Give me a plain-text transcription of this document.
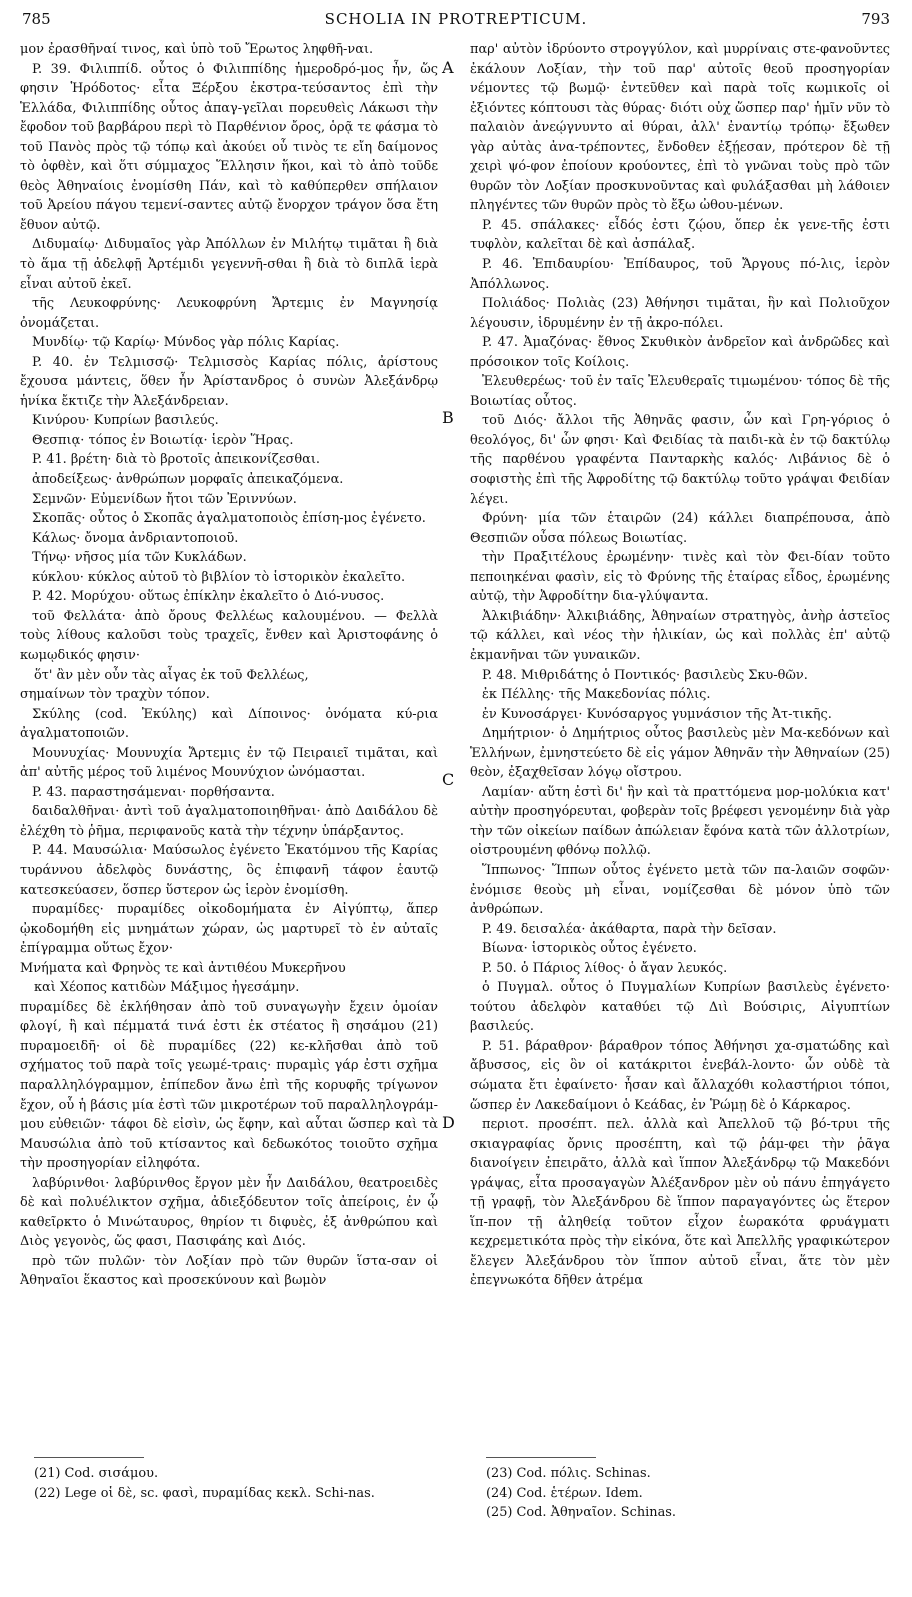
785	SCHOLIA IN PROTREPTICUM.	793
A
B
C
D

μον ἐρασθῆναί τινος, καὶ ὑπὸ τοῦ Ἔρωτος ληφθῆ-ναι.

P. 39. Φιλιππίδ. οὗτος ὁ Φιλιππίδης ἡμεροδρό-μος ἦν, ὥς φησιν Ἡρόδοτος· εἶτα Ξέρξου ἐκστρα-τεύσαντος ἐπὶ τὴν Ἑλλάδα, Φιλιππίδης οὗτος ἀπαγ-γεῖλαι πορευθεὶς Λάκωσι τὴν ἔφοδον τοῦ βαρβάρου περὶ τὸ Παρθένιον ὄρος, ὁρᾷ τε φάσμα τὸ τοῦ Πανὸς πρὸς τῷ τόπῳ καὶ ἀκούει οὗ τινὸς τε εἴη δαίμονος τὸ ὀφθὲν, καὶ ὅτι σύμμαχος Ἕλλησιν ἥκοι, καὶ τὸ ἀπὸ τοῦδε θεὸς Ἀθηναίοις ἐνομίσθη Πάν, καὶ τὸ καθύπερθεν σπήλαιον τοῦ Ἀρείου πάγου τεμενί-σαντες αὐτῷ ἔνορχον τράγον ὅσα ἔτη ἔθυον αὐτῷ.

Διδυμαίῳ· Διδυμαῖος γὰρ Ἀπόλλων ἐν Μιλήτῳ τιμᾶται ἢ διὰ τὸ ἅμα τῇ ἀδελφῇ Ἀρτέμιδι γεγεννῆ-σθαι ἢ διὰ τὸ διπλᾶ ἱερὰ εἶναι αὐτοῦ ἐκεῖ.

τῆς Λευκοφρύνης· Λευκοφρύνη Ἄρτεμις ἐν Μαγνησίᾳ ὀνομάζεται.

Μυνδίῳ· τῷ Καρίῳ· Μύνδος γὰρ πόλις Καρίας.

P. 40. ἐν Τελμισσῷ· Τελμισσὸς Καρίας πόλις, ἀρίστους ἔχουσα μάντεις, ὅθεν ἦν Ἀρίστανδρος ὁ συνὼν Ἀλεξάνδρῳ ἡνίκα ἔκτιζε τὴν Ἀλεξάνδρειαν.

Κινύρου· Κυπρίων βασιλεύς.

Θεσπιᾳ· τόπος ἐν Βοιωτίᾳ· ἱερὸν Ἥρας.

P. 41. βρέτη· διὰ τὸ βροτοῖς ἀπεικονίζεσθαι.

ἀποδείξεως· ἀνθρώπων μορφαῖς ἀπεικαζόμενα.

Σεμνῶν· Εὐμενίδων ἤτοι τῶν Ἐριννύων.

Σκοπᾶς· οὗτος ὁ Σκοπᾶς ἀγαλματοποιὸς ἐπίση-μος ἐγένετο.

Κάλως· ὄνομα ἀνδριαντοποιοῦ.

Τήνῳ· νῆσος μία τῶν Κυκλάδων.

κύκλου· κύκλος αὐτοῦ τὸ βιβλίον τὸ ἱστορικὸν ἐκαλεῖτο.

P. 42. Μορύχου· οὕτως ἐπίκλην ἐκαλεῖτο ὁ Διό-νυσος.

τοῦ Φελλάτα· ἀπὸ ὄρους Φελλέως καλουμένου. — Φελλὰ τοὺς λίθους καλοῦσι τοὺς τραχεῖς, ἔνθεν καὶ Ἀριστοφάνης ὁ κωμῳδικός φησιν·

ὅτ' ἂν μὲν οὖν τὰς αἶγας ἐκ τοῦ Φελλέως,

σημαίνων τὸν τραχὺν τόπον.

Σκύλης (cod. Ἐκύλης) καὶ Δίποινος· ὀνόματα κύ-ρια ἀγαλματοποιῶν.

Μουνυχίας· Μουνυχία Ἄρτεμις ἐν τῷ Πειραιεῖ τιμᾶται, καὶ ἀπ' αὐτῆς μέρος τοῦ λιμένος Μουνύχιον ὠνόμασται.

P. 43. παραστησάμεναι· πορθήσαντα.

δαιδαλθῆναι· ἀντὶ τοῦ ἀγαλματοποιηθῆναι· ἀπὸ Δαιδάλου δὲ ἐλέχθη τὸ ῥῆμα, περιφανοῦς κατὰ τὴν τέχνην ὑπάρξαντος.

P. 44. Μαυσώλια· Μαύσωλος ἐγένετο Ἑκατόμνου τῆς Καρίας τυράννου ἀδελφὸς δυνάστης, ὃς ἐπιφανῆ τάφον ἑαυτῷ κατεσκεύασεν, ὅσπερ ὕστερον ὡς ἱερὸν ἐνομίσθη.

πυραμίδες· πυραμίδες οἰκοδομήματα ἐν Αἰγύπτῳ, ἅπερ ᾠκοδομήθη εἰς μνημάτων χώραν, ὡς μαρτυρεῖ τὸ ἐν αὐταῖς ἐπίγραμμα οὕτως ἔχον·

Μνήματα καὶ Φρηνὸς τε καὶ ἀντιθέου Μυκερῆνου

καὶ Χέοπος κατιδὼν Μάξιμος ἠγεσάμην.

πυραμίδες δὲ ἐκλήθησαν ἀπὸ τοῦ συναγωγὴν ἔχειν ὁμοίαν φλογί, ἢ καὶ πέμματά τινά ἐστι ἐκ στέατος ἢ σησάμου (21) πυραμοειδῆ· οἱ δὲ πυραμίδες (22) κε-κλῆσθαι ἀπὸ τοῦ σχήματος τοῦ παρὰ τοῖς γεωμέ-τραις· πυραμὶς γάρ ἐστι σχῆμα παραλληλόγραμμον, ἐπίπεδον ἄνω ἐπὶ τῆς κορυφῆς τρίγωνον ἔχον, οὗ ἡ βάσις μία ἐστὶ τῶν μικροτέρων τοῦ παραλληλογράμ-μου εὐθειῶν· τάφοι δὲ εἰσὶν, ὡς ἔφην, καὶ αὗται ὥσπερ καὶ τὰ Μαυσώλια ἀπὸ τοῦ κτίσαντος καὶ δεδωκότος τοιοῦτο σχῆμα τὴν προσηγορίαν εἰληφότα.

λαβύρινθοι· λαβύρινθος ἔργον μὲν ἦν Δαιδάλου, θεατροειδὲς δὲ καὶ πολυέλικτον σχῆμα, ἀδιεξόδευτον τοῖς ἀπείροις, ἐν ᾧ καθεῖρκτο ὁ Μινώταυρος, θηρίον τι διφυὲς, ἐξ ἀνθρώπου καὶ Διὸς γεγονὸς, ὥς φασι, Πασιφάης καὶ Διός.

πρὸ τῶν πυλῶν· τὸν Λοξίαν πρὸ τῶν θυρῶν ἵστα-σαν οἱ Ἀθηναῖοι ἕκαστος καὶ προσεκύνουν καὶ βωμὸν

παρ' αὐτὸν ἱδρύοντο στρογγύλον, καὶ μυρρίναις στε-φανοῦντες ἐκάλουν Λοξίαν, τὴν τοῦ παρ' αὐτοῖς θεοῦ προσηγορίαν νέμοντες τῷ βωμῷ· ἐντεῦθεν καὶ παρὰ τοῖς κωμικοῖς οἱ ἐξιόντες κόπτουσι τὰς θύρας· διότι οὐχ ὥσπερ παρ' ἡμῖν νῦν τὸ παλαιὸν ἀνεῴγνυντο αἱ θύραι, ἀλλ' ἐναντίῳ τρόπῳ· ἔξωθεν γὰρ αὐτὰς ἀνα-τρέποντες, ἔνδοθεν ἐξῄεσαν, πρότερον δὲ τῇ χειρὶ ψό-φον ἐποίουν κρούοντες, ἐπὶ τὸ γνῶναι τοὺς πρὸ τῶν θυρῶν τὸν Λοξίαν προσκυνοῦντας καὶ φυλάξασθαι μὴ λάθοιεν πληγέντες τῶν θυρῶν πρὸς τὸ ἔξω ὠθου-μένων.

P. 45. σπάλακες· εἶδός ἐστι ζῴου, ὅπερ ἐκ γενε-τῆς ἐστι τυφλὸν, καλεῖται δὲ καὶ ἀσπάλαξ.

P. 46. Ἐπιδαυρίου· Ἐπίδαυρος, τοῦ Ἄργους πό-λις, ἱερὸν Ἀπόλλωνος.

Πολιάδος· Πολιὰς (23) Ἀθήνησι τιμᾶται, ἣν καὶ Πολιοῦχον λέγουσιν, ἱδρυμένην ἐν τῇ ἀκρο-πόλει.

P. 47. Ἀμαζόνας· ἔθνος Σκυθικὸν ἀνδρεῖον καὶ ἀνδρῶδες καὶ πρόσοικον τοῖς Κοίλοις.

Ἐλευθερέως· τοῦ ἐν ταῖς Ἐλευθεραῖς τιμωμένου· τόπος δὲ τῆς Βοιωτίας οὗτος.

τοῦ Διός· ἄλλοι τῆς Ἀθηνᾶς φασιν, ὧν καὶ Γρη-γόριος ὁ θεολόγος, δι' ὧν φησι· Καὶ Φειδίας τὰ παιδι-κὰ ἐν τῷ δακτύλῳ τῆς παρθένου γραφέντα Πανταρκὴς καλός· Λιβάνιος δὲ ὁ σοφιστὴς ἐπὶ τῆς Ἀφροδίτης τῷ δακτύλῳ τοῦτο γράψαι Φειδίαν λέγει.

Φρύνη· μία τῶν ἑταιρῶν (24) κάλλει διαπρέπουσα, ἀπὸ Θεσπιῶν οὖσα πόλεως Βοιωτίας.

τὴν Πραξιτέλους ἐρωμένην· τινὲς καὶ τὸν Φει-δίαν τοῦτο πεποιηκέναι φασὶν, εἰς τὸ Φρύνης τῆς ἑταίρας εἶδος, ἐρωμένης αὐτῷ, τὴν Ἀφροδίτην δια-γλύψαντα.

Ἀλκιβιάδην· Ἀλκιβιάδης, Ἀθηναίων στρατηγὸς, ἀνὴρ ἀστεῖος τῷ κάλλει, καὶ νέος τὴν ἡλικίαν, ὡς καὶ πολλὰς ἐπ' αὐτῷ ἐκμανῆναι τῶν γυναικῶν.

P. 48. Μιθριδάτης ὁ Ποντικός· βασιλεὺς Σκυ-θῶν.

ἐκ Πέλλης· τῆς Μακεδονίας πόλις.

ἐν Κυνοσάργει· Κυνόσαργος γυμνάσιον τῆς Ἀτ-τικῆς.

Δημήτριον· ὁ Δημήτριος οὗτος βασιλεὺς μὲν Μα-κεδόνων καὶ Ἑλλήνων, ἐμνηστεύετο δὲ εἰς γάμον Ἀθηνᾶν τὴν Ἀθηναίων (25) θεὸν, ἐξαχθεῖσαν λόγῳ οἴστρου.

Λαμίαν· αὕτη ἐστὶ δι' ἣν καὶ τὰ πραττόμενα μορ-μολύκια κατ' αὐτὴν προσηγόρευται, φοβερὰν τοῖς βρέφεσι γενομένην διὰ γὰρ τὴν τῶν οἰκείων παίδων ἀπώλειαν ἔφόνα κατὰ τῶν ἀλλοτρίων, οἰστρουμένη φθόνῳ πολλῷ.

Ἵππωνος· Ἵππων οὗτος ἐγένετο μετὰ τῶν πα-λαιῶν σοφῶν· ἐνόμισε θεοὺς μὴ εἶναι, νομίζεσθαι δὲ μόνον ὑπὸ τῶν ἀνθρώπων.

P. 49. δεισαλέα· ἀκάθαρτα, παρὰ τὴν δεῖσαν.

Βίωνα· ἱστορικὸς οὗτος ἐγένετο.

P. 50. ὁ Πάριος λίθος· ὁ ἄγαν λευκός.

ὁ Πυγμαλ. οὗτος ὁ Πυγμαλίων Κυπρίων βασιλεὺς ἐγένετο· τούτου ἀδελφὸν καταθύει τῷ Διὶ Βούσιρις, Αἰγυπτίων βασιλεύς.

P. 51. βάραθρον· βάραθρον τόπος Ἀθήνησι χα-σματώδης καὶ ἄβυσσος, εἰς ὃν οἱ κατάκριτοι ἐνεβάλ-λοντο· ὧν οὐδὲ τὰ σώματα ἔτι ἐφαίνετο· ἦσαν καὶ ἄλλαχόθι κολαστήριοι τόποι, ὥσπερ ἐν Λακεδαίμονι ὁ Κεάδας, ἐν Ῥώμῃ δὲ ὁ Κάρκαρος.

περιοτ. προσέπτ. πελ. ἀλλὰ καὶ Ἀπελλοῦ τῷ βό-τρυι τῆς σκιαγραφίας ὄρνις προσέπτη, καὶ τῷ ῥάμ-φει τὴν ῥᾶγα διανοίγειν ἐπειρᾶτο, ἀλλὰ καὶ ἵππον Ἀλεξάνδρῳ τῷ Μακεδόνι γράψας, εἶτα προσαγαγὼν Ἀλέξανδρον μὲν οὐ πάνυ ἐπηγάγετο τῇ γραφῇ, τὸν Ἀλεξάνδρου δὲ ἵππον παραγαγόντες ὡς ἕτερον ἵπ-πον τῇ ἀληθείᾳ τοῦτον εἶχον ἑωρακότα φρυάγματι κεχρεμετικότα πρὸς τὴν εἰκόνα, ὅτε καὶ Ἀπελλῆς γραφικώτερον ἔλεγεν Ἀλεξάνδρου τὸν ἵππον αὐτοῦ εἶναι, ἅτε τὸν μὲν ἐπεγνωκότα δῆθεν ἀτρέμα

(21) Cod. σισάμου.

(22) Lege οἱ δὲ, sc. φασὶ, πυραμίδας κεκλ. Schi-nas.

(23) Cod. πόλις. Schinas.

(24) Cod. ἑτέρων. Idem.

(25) Cod. Ἀθηναῖον. Schinas.
